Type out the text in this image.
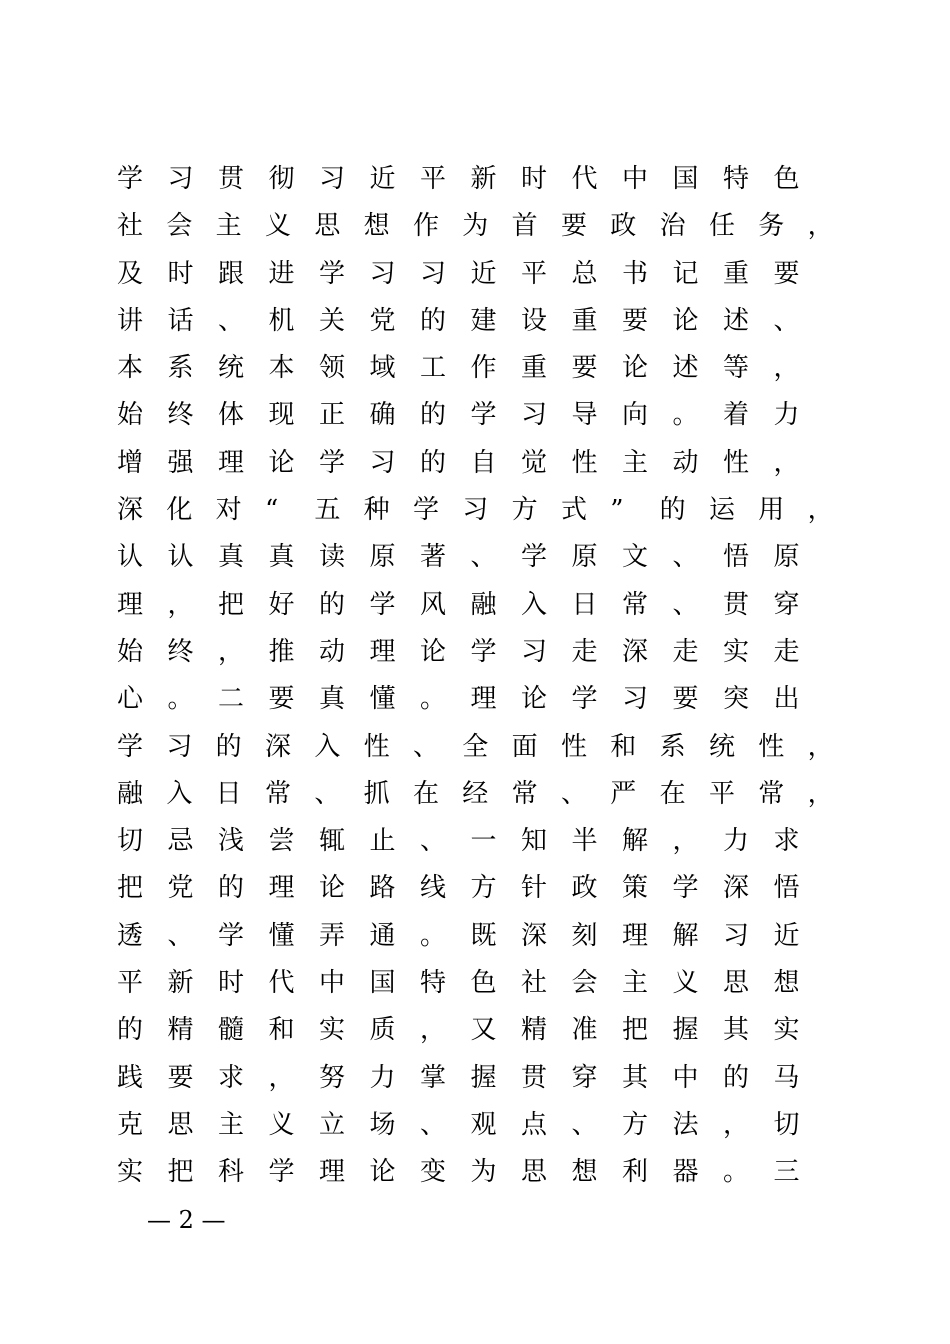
学 习 贯 彻 习 近 平 新 时 代 中 国 特 色
社 会 主 义 思 想 作 为 首 要 政 治 任 务 ，
及 时 跟 进 学 习 习 近 平 总 书 记 重 要
讲 话 、 机 关 党 的 建 设 重 要 论 述 、
本 系 统 本 领 域 工 作 重 要 论 述 等 ，
始 终 体 现 正 确 的 学 习 导 向 。 着 力
增 强 理 论 学 习 的 自 觉 性 主 动 性 ，
深 化 对 “	五 种 学 习 方 式 ”	的 运 用 ，
认 认 真 真 读 原 著 、 学 原 文 、 悟 原
理 ， 把 好 的 学 风 融 入 日 常 、 贯 穿
始 终 ， 推 动 理 论 学 习 走 深 走 实 走
心 。 二 要 真 懂 。 理 论 学 习 要 突 出
学 习 的 深 入 性 、 全 面 性 和 系 统 性 ，
融 入 日 常 、 抓 在 经 常 、 严 在 平 常 ，
切 忌 浅 尝 辄 止 、 一 知 半 解 ， 力 求
把 党 的 理 论 路 线 方 针 政 策 学 深 悟
透 、 学 懂 弄 通 。 既 深 刻 理 解 习 近
平 新 时 代 中 国 特 色 社 会 主 义 思 想
的 精 髓 和 实 质 ， 又 精 准 把 握 其 实
践 要 求 ， 努 力 掌 握 贯 穿 其 中 的 马
克 思 主 义 立 场 、 观 点 、 方 法 ， 切
实 把 科 学 理 论 变 为 思 想 利 器 。 三
— 2 —
